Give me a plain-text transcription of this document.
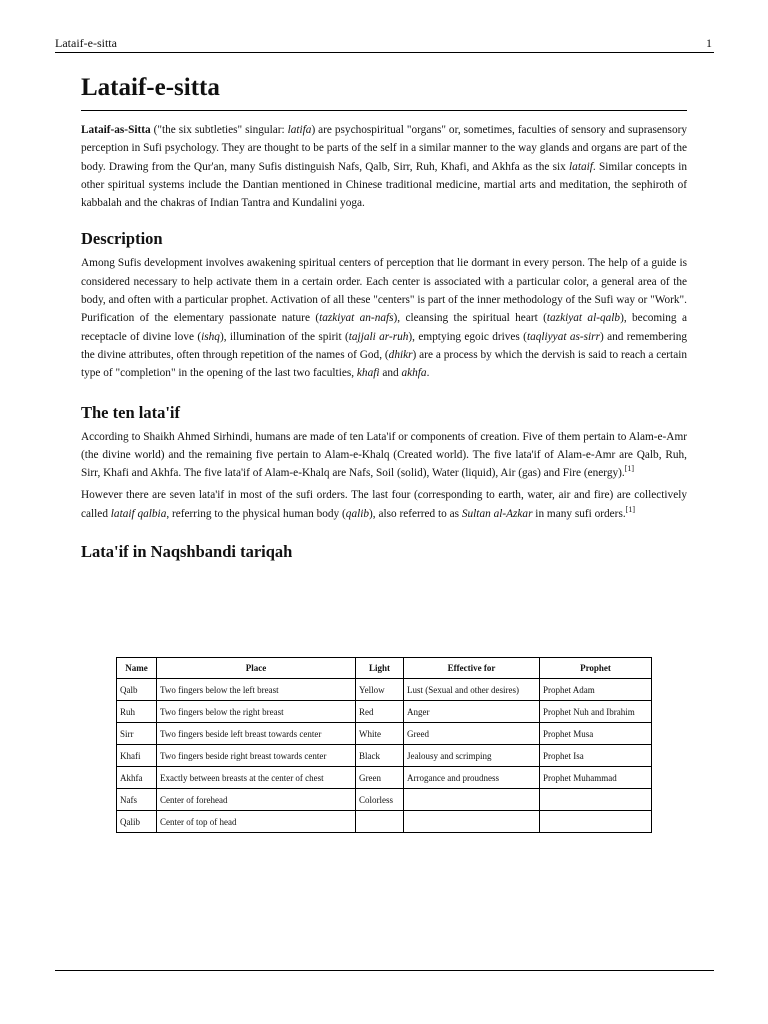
Lataif-e-sitta	1
Lataif-e-sitta

Lataif-as-Sitta ("the six subtleties" singular: latifa) are psychospiritual "organs" or, sometimes, faculties of sensory and suprasensory perception in Sufi psychology. They are thought to be parts of the self in a similar manner to the way glands and organs are part of the body. Drawing from the Qur'an, many Sufis distinguish Nafs, Qalb, Sirr, Ruh, Khafi, and Akhfa as the six lataif. Similar concepts in other spiritual systems include the Dantian mentioned in Chinese traditional medicine, martial arts and meditation, the sephiroth of kabbalah and the chakras of Indian Tantra and Kundalini yoga.

Description

Among Sufis development involves awakening spiritual centers of perception that lie dormant in every person. The help of a guide is considered necessary to help activate them in a certain order. Each center is associated with a particular color, a general area of the body, and often with a particular prophet. Activation of all these "centers" is part of the inner methodology of the Sufi way or "Work". Purification of the elementary passionate nature (tazkiyat an-nafs), cleansing the spiritual heart (tazkiyat al-qalb), becoming a receptacle of divine love (ishq), illumination of the spirit (tajjali ar-ruh), emptying egoic drives (taqliyyat as-sirr) and remembering the divine attributes, often through repetition of the names of God, (dhikr) are a process by which the dervish is said to reach a certain type of "completion" in the opening of the last two faculties, khafi and akhfa.

The ten lata'if

According to Shaikh Ahmed Sirhindi, humans are made of ten Lata'if or components of creation. Five of them pertain to Alam-e-Amr (the divine world) and the remaining five pertain to Alam-e-Khalq (Created world). The five lata'if of Alam-e-Amr are Qalb, Ruh, Sirr, Khafi and Akhfa. The five lata'if of Alam-e-Khalq are Nafs, Soil (solid), Water (liquid), Air (gas) and Fire (energy).[1]

However there are seven lata'if in most of the sufi orders. The last four (corresponding to earth, water, air and fire) are collectively called lataif qalbia, referring to the physical human body (qalib), also referred to as Sultan al-Azkar in many sufi orders.[1]

Lata'if in Naqshbandi tariqah
Name	Place	Light	Effective for	Prophet
Qalb	Two fingers below the left breast	Yellow	Lust (Sexual and other desires)	Prophet Adam
Ruh	Two fingers below the right breast	Red	Anger	Prophet Nuh and Ibrahim
Sirr	Two fingers beside left breast towards center	White	Greed	Prophet Musa
Khafi	Two fingers beside right breast towards center	Black	Jealousy and scrimping	Prophet Isa
Akhfa	Exactly between breasts at the center of chest	Green	Arrogance and proudness	Prophet Muhammad
Nafs	Center of forehead	Colorless		
Qalib	Center of top of head			
